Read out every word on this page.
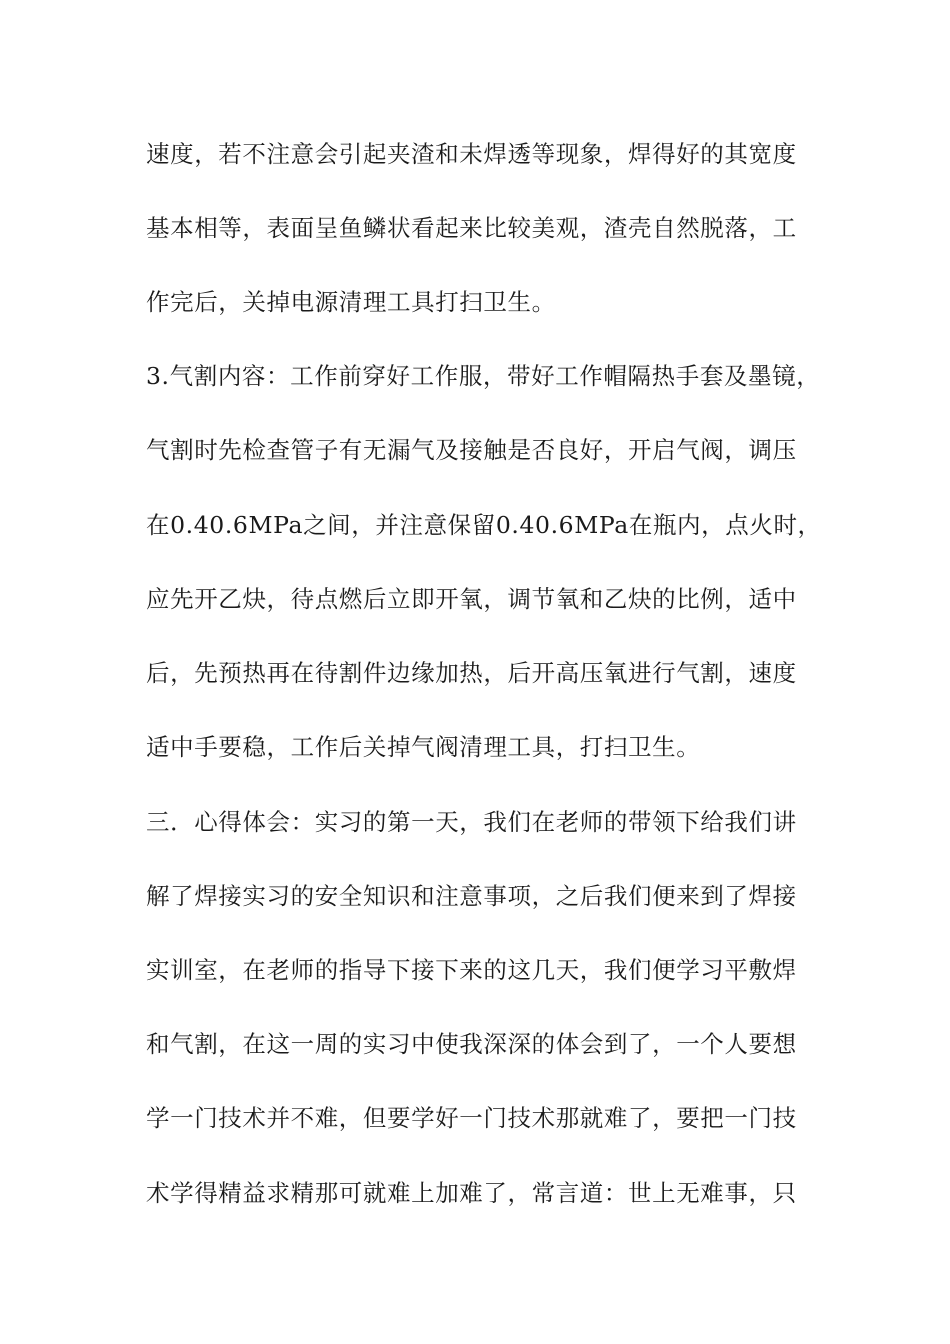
速度，若不注意会引起夹渣和未焊透等现象，焊得好的其宽度
基本相等，表面呈鱼鳞状看起来比较美观，渣壳自然脱落，工
作完后，关掉电源清理工具打扫卫生。
3.气割内容：工作前穿好工作服，带好工作帽隔热手套及墨镜，
气割时先检查管子有无漏气及接触是否良好，开启气阀，调压
在0.40.6MPa之间，并注意保留0.40.6MPa在瓶内，点火时，
应先开乙炔，待点燃后立即开氧，调节氧和乙炔的比例，适中
后，先预热再在待割件边缘加热，后开高压氧进行气割，速度
适中手要稳，工作后关掉气阀清理工具，打扫卫生。
三．心得体会：实习的第一天，我们在老师的带领下给我们讲
解了焊接实习的安全知识和注意事项，之后我们便来到了焊接
实训室，在老师的指导下接下来的这几天，我们便学习平敷焊
和气割，在这一周的实习中使我深深的体会到了，一个人要想
学一门技术并不难，但要学好一门技术那就难了，要把一门技
术学得精益求精那可就难上加难了，常言道：世上无难事，只
